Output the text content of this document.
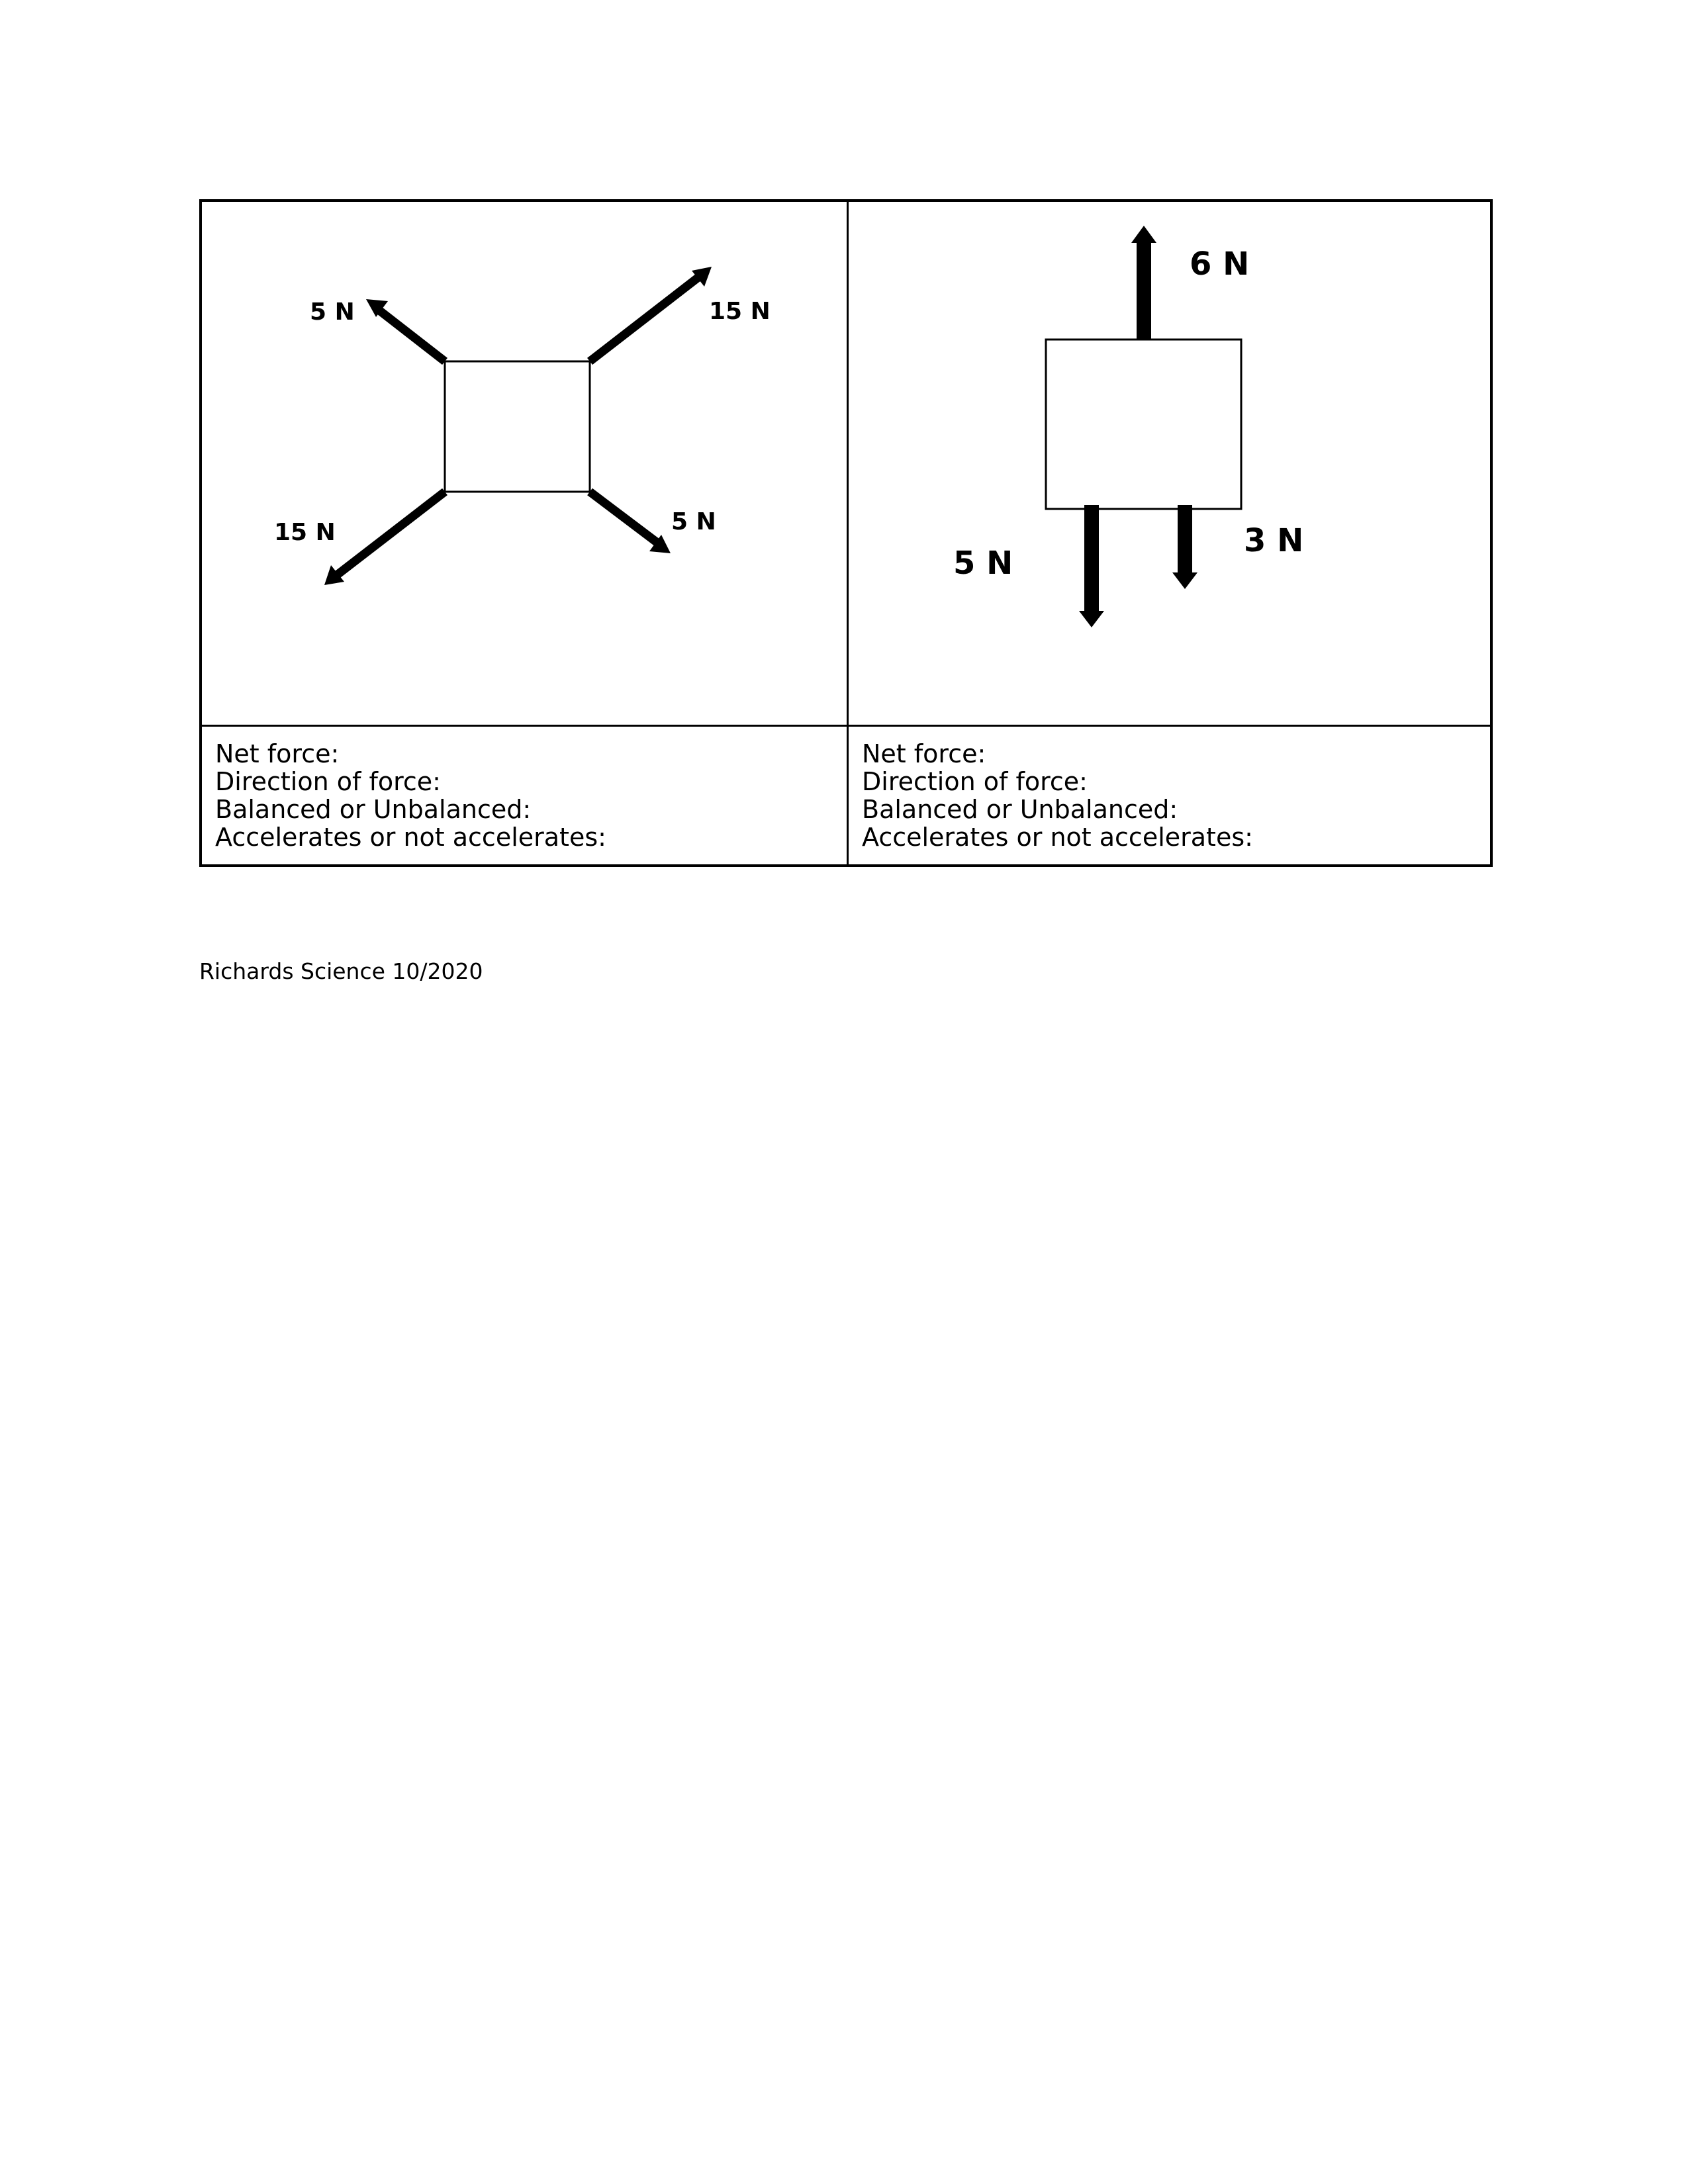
5 N	15 N
15 N	5 N
6 N
5 N
3 N
Net force:
Direction of force:
Balanced or Unbalanced:
Accelerates or not accelerates:
Net force:
Direction of force:
Balanced or Unbalanced:
Accelerates or not accelerates:
Richards Science 10/2020
